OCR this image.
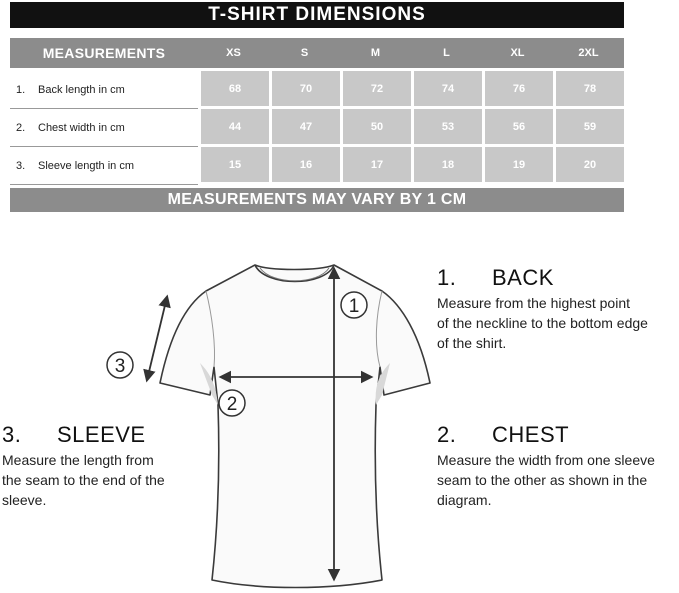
T-SHIRT DIMENSIONS
MEASUREMENTS	XS	S	M	L	XL	2XL
1. Back length in cm	68	70	72	74	76	78
2. Chest width in cm	44	47	50	53	56	59
3. Sleeve length in cm	15	16	17	18	19	20
MEASUREMENTS MAY VARY BY 1 CM
1
2
3
1. BACK
Measure from the highest point
of the neckline to the bottom edge
of the shirt.
2. CHEST
Measure the width from one sleeve
seam to the other as shown in the
diagram.
3. SLEEVE
Measure the length from
the seam to the end of the
sleeve.
